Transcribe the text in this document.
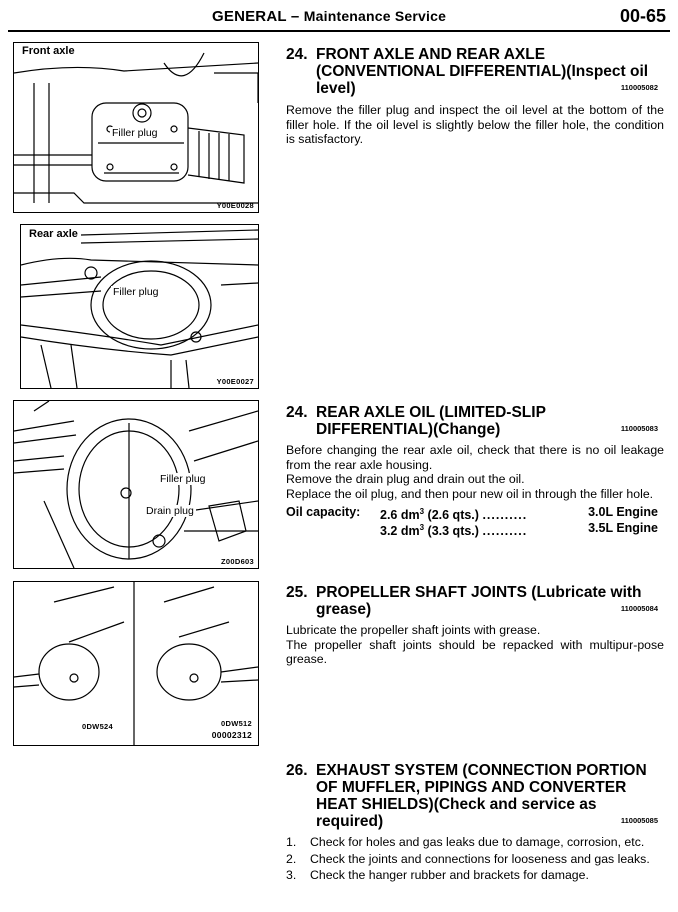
GENERAL – Maintenance Service	00-65
Front axle
Filler plug
Y00E0028
Rear axle
Filler plug
Y00E0027
Filler plug
Drain plug
Z00D603
0DW524	0DW512
00002312
24. FRONT AXLE AND REAR AXLE
(CONVENTIONAL DIFFERENTIAL)(Inspect oil
level)	110005082

Remove the filler plug and inspect the oil level at the bottom of the filler hole. If the oil level is slightly below the filler hole, the condition is satisfactory.

24. REAR AXLE OIL (LIMITED-SLIP
DIFFERENTIAL)(Change)	110005083

Before changing the rear axle oil, check that there is no oil leakage from the rear axle housing.

Remove the drain plug and drain out the oil.

Replace the oil plug, and then pour new oil in through the filler hole.

Oil capacity: 2.6 $dm^3$ (2.6 qts.) ..........	3.0L Engine
3.2 $dm^3$ (3.3 qts.) ..........	3.5L Engine

25. PROPELLER SHAFT JOINTS (Lubricate with
grease)	110005084

Lubricate the propeller shaft joints with grease.

The propeller shaft joints should be repacked with multipur-pose grease.

26. EXHAUST SYSTEM (CONNECTION PORTION
OF MUFFLER, PIPINGS AND CONVERTER
HEAT SHIELDS)(Check and service as
required)	110005085
1. Check for holes and gas leaks due to damage, corrosion, etc.
2. Check the joints and connections for looseness and gas leaks.
3. Check the hanger rubber and brackets for damage.
